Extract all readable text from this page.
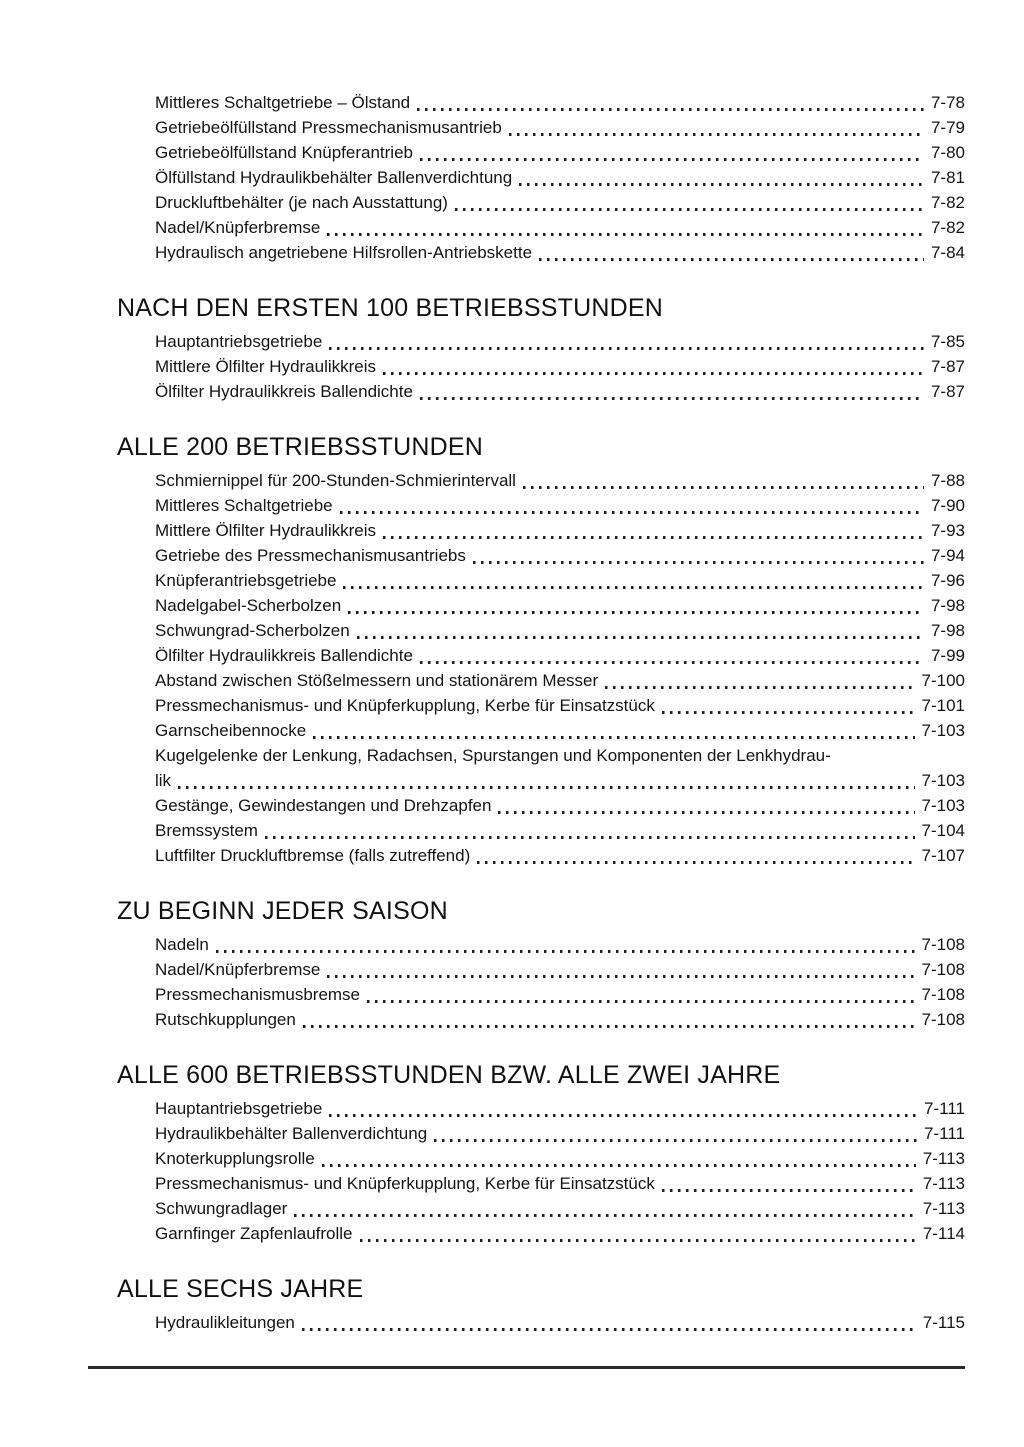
Mittleres Schaltgetriebe – Ölstand	7-78
Getriebeölfüllstand Pressmechanismusantrieb	7-79
Getriebeölfüllstand Knüpferantrieb	7-80
Ölfüllstand Hydraulikbehälter Ballenverdichtung	7-81
Druckluftbehälter (je nach Ausstattung)	7-82
Nadel/Knüpferbremse	7-82
Hydraulisch angetriebene Hilfsrollen-Antriebskette	7-84
NACH DEN ERSTEN 100 BETRIEBSSTUNDEN
Hauptantriebsgetriebe	7-85
Mittlere Ölfilter Hydraulikkreis	7-87
Ölfilter Hydraulikkreis Ballendichte	7-87
ALLE 200 BETRIEBSSTUNDEN
Schmiernippel für 200-Stunden-Schmierintervall	7-88
Mittleres Schaltgetriebe	7-90
Mittlere Ölfilter Hydraulikkreis	7-93
Getriebe des Pressmechanismusantriebs	7-94
Knüpferantriebsgetriebe	7-96
Nadelgabel-Scherbolzen	7-98
Schwungrad-Scherbolzen	7-98
Ölfilter Hydraulikkreis Ballendichte	7-99
Abstand zwischen Stößelmessern und stationärem Messer	7-100
Pressmechanismus- und Knüpferkupplung, Kerbe für Einsatzstück	7-101
Garnscheibennocke	7-103
Kugelgelenke der Lenkung, Radachsen, Spurstangen und Komponenten der Lenkhydrau-
lik	7-103
Gestänge, Gewindestangen und Drehzapfen	7-103
Bremssystem	7-104
Luftfilter Druckluftbremse (falls zutreffend)	7-107
ZU BEGINN JEDER SAISON
Nadeln	7-108
Nadel/Knüpferbremse	7-108
Pressmechanismusbremse	7-108
Rutschkupplungen	7-108
ALLE 600 BETRIEBSSTUNDEN BZW. ALLE ZWEI JAHRE
Hauptantriebsgetriebe	7-111
Hydraulikbehälter Ballenverdichtung	7-111
Knoterkupplungsrolle	7-113
Pressmechanismus- und Knüpferkupplung, Kerbe für Einsatzstück	7-113
Schwungradlager	7-113
Garnfinger Zapfenlaufrolle	7-114
ALLE SECHS JAHRE
Hydraulikleitungen	7-115
